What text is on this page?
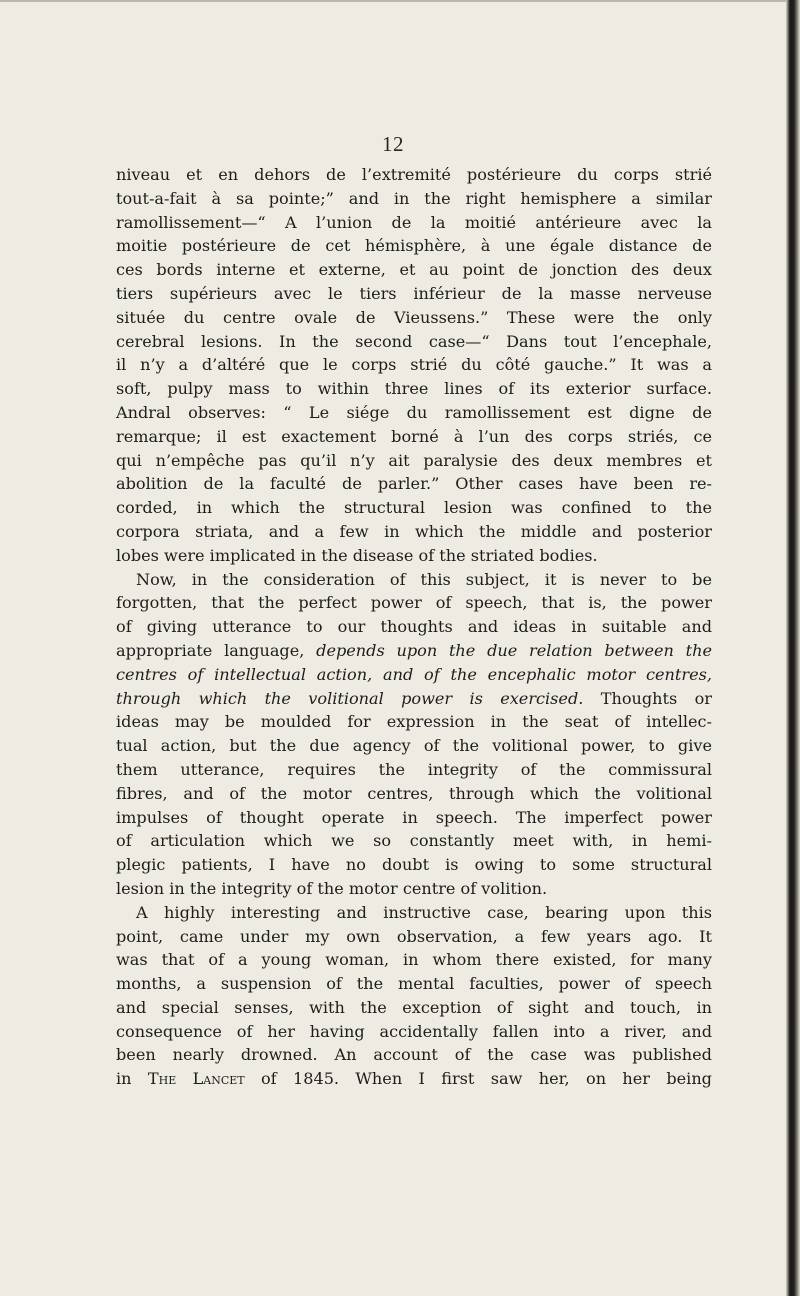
12
niveau et en dehors de l’extremité postérieure du corps strié
tout-a-fait à sa pointe;” and in the right hemisphere a similar
ramollissement—“ A l’union de la moitié antérieure avec la
moitie postérieure de cet hémisphère, à une égale distance de
ces bords interne et externe, et au point de jonction des deux
tiers supérieurs avec le tiers inférieur de la masse nerveuse
située du centre ovale de Vieussens.” These were the only
cerebral lesions. In the second case—“ Dans tout l’encephale,
il n’y a d’altéré que le corps strié du côté gauche.” It was a
soft, pulpy mass to within three lines of its exterior surface.
Andral observes: “ Le siége du ramollissement est digne de
remarque; il est exactement borné à l’un des corps striés, ce
qui n’empêche pas qu’il n’y ait paralysie des deux membres et
abolition de la faculté de parler.” Other cases have been re-
corded, in which the structural lesion was confined to the
corpora striata, and a few in which the middle and posterior
lobes were implicated in the disease of the striated bodies.
Now, in the consideration of this subject, it is never to be
forgotten, that the perfect power of speech, that is, the power
of giving utterance to our thoughts and ideas in suitable and
appropriate language, depends upon the due relation between the
centres of intellectual action, and of the encephalic motor centres,
through which the volitional power is exercised. Thoughts or
ideas may be moulded for expression in the seat of intellec-
tual action, but the due agency of the volitional power, to give
them utterance, requires the integrity of the commissural
fibres, and of the motor centres, through which the volitional
impulses of thought operate in speech. The imperfect power
of articulation which we so constantly meet with, in hemi-
plegic patients, I have no doubt is owing to some structural
lesion in the integrity of the motor centre of volition.
A highly interesting and instructive case, bearing upon this
point, came under my own observation, a few years ago. It
was that of a young woman, in whom there existed, for many
months, a suspension of the mental faculties, power of speech
and special senses, with the exception of sight and touch, in
consequence of her having accidentally fallen into a river, and
been nearly drowned. An account of the case was published
in The Lancet of 1845. When I first saw her, on her being
